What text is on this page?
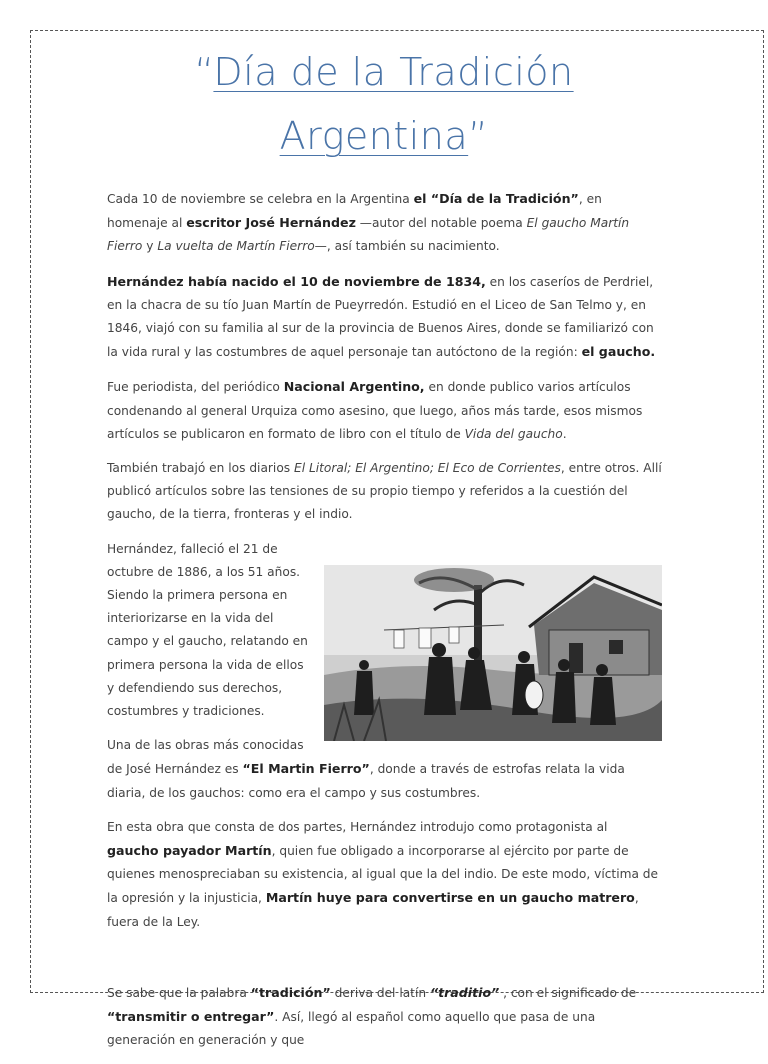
“Día de la Tradición
Argentina”

Cada 10 de noviembre se celebra en la Argentina el “Día de la Tradición”, en homenaje al escritor José Hernández —autor del notable poema El gaucho Martín Fierro y La vuelta de Martín Fierro—, así también su nacimiento.

Hernández había nacido el 10 de noviembre de 1834, en los caseríos de Perdriel, en la chacra de su tío Juan Martín de Pueyrredón. Estudió en el Liceo de San Telmo y, en 1846, viajó con su familia al sur de la provincia de Buenos Aires, donde se familiarizó con la vida rural y las costumbres de aquel personaje tan autóctono de la región: el gaucho.

Fue periodista, del periódico Nacional Argentino, en donde publico varios artículos condenando al general Urquiza como asesino, que luego, años más tarde, esos mismos artículos se publicaron en formato de libro con el título de Vida del gaucho.

También trabajó en los diarios El Litoral; El Argentino; El Eco de Corrientes, entre otros. Allí publicó artículos sobre las tensiones de su propio tiempo y referidos a la cuestión del gaucho, de la tierra, fronteras y el indio.

Hernández, falleció el 21 de octubre de 1886, a los 51 años. Siendo la primera persona en interiorizarse en la vida del campo y el gaucho, relatando en primera persona la vida de ellos y defendiendo sus derechos, costumbres y tradiciones.

Una de las obras más conocidas de José Hernández es “El Martin Fierro”, donde a través de estrofas relata la vida diaria, de los gauchos: como era el campo y sus costumbres.

En esta obra que consta de dos partes, Hernández introdujo como protagonista al gaucho payador Martín, quien fue obligado a incorporarse al ejército por parte de quienes menospreciaban su existencia, al igual que la del indio. De este modo, víctima de la opresión y la injusticia, Martín huye para convertirse en un gaucho matrero, fuera de la Ley.

Se sabe que la palabra “tradición” deriva del latín “traditio” , con el significado de “transmitir o entregar”. Así, llegó al español como aquello que pasa de una generación en generación y que
